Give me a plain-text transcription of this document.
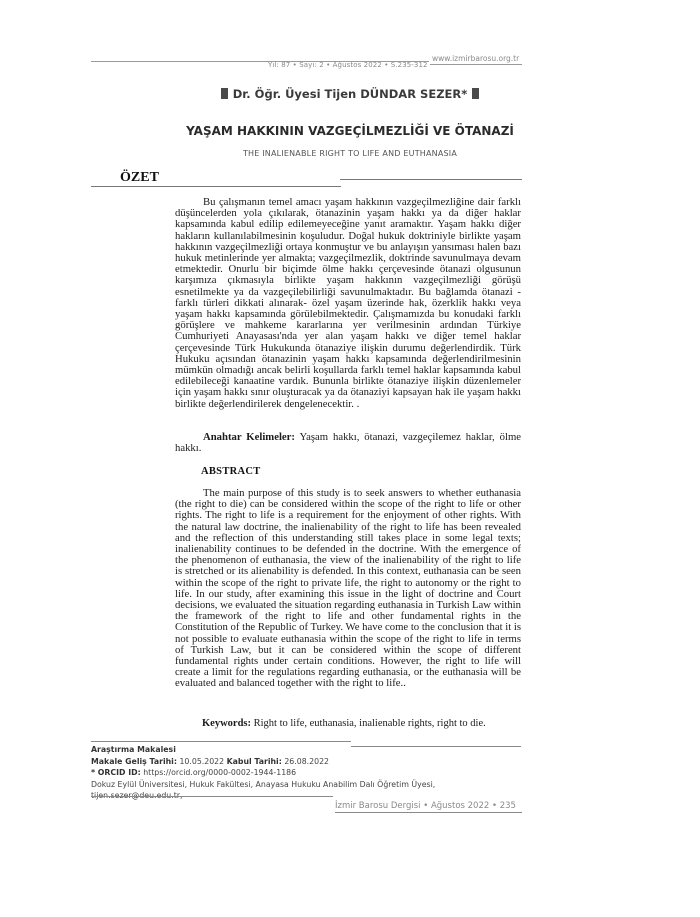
www.izmirbarosu.org.tr
Yıl: 87 • Sayı: 2 • Ağustos 2022 • S.235-312
Dr. Öğr. Üyesi Tijen DÜNDAR SEZER*
YAŞAM HAKKININ VAZGEÇİLMEZLİĞİ VE ÖTANAZİ
THE INALIENABLE RIGHT TO LIFE AND EUTHANASIA
ÖZET

Bu çalışmanın temel amacı yaşam hakkının vazgeçilmezliğine dair farklı düşüncelerden yola çıkılarak, ötanazinin yaşam hakkı ya da diğer haklar kapsamında kabul edilip edilemeyeceğine yanıt aramaktır. Yaşam hakkı diğer hakların kullanılabilmesinin koşuludur. Doğal hukuk doktriniyle birlikte yaşam hakkının vazgeçilmezliği ortaya konmuştur ve bu anlayışın yansıması halen bazı hukuk metinlerinde yer almakta; vazgeçilmezlik, doktrinde savunulmaya devam etmektedir. Onurlu bir biçimde ölme hakkı çerçevesinde ötanazi olgusunun karşımıza çıkmasıyla birlikte yaşam hakkının vazgeçilmezliği görüşü esnetilmekte ya da vazgeçilebilirliği savunulmaktadır. Bu bağlamda ötanazi -farklı türleri dikkati alınarak- özel yaşam üzerinde hak, özerklik hakkı veya yaşam hakkı kapsamında görülebilmektedir. Çalışmamızda bu konudaki farklı görüşlere ve mahkeme kararlarına yer verilmesinin ardından Türkiye Cumhuriyeti Anayasası'nda yer alan yaşam hakkı ve diğer temel haklar çerçevesinde Türk Hukukunda ötanaziye ilişkin durumu değerlendirdik. Türk Hukuku açısından ötanazinin yaşam hakkı kapsamında değerlendirilmesinin mümkün olmadığı ancak belirli koşullarda farklı temel haklar kapsamında kabul edilebileceği kanaatine vardık. Bununla birlikte ötanaziye ilişkin düzenlemeler için yaşam hakkı sınır oluşturacak ya da ötanaziyi kapsayan hak ile yaşam hakkı birlikte değerlendirilerek dengelenecektir. .

Anahtar Kelimeler: Yaşam hakkı, ötanazi, vazgeçilemez haklar, ölme hakkı.

ABSTRACT

The main purpose of this study is to seek answers to whether euthanasia (the right to die) can be considered within the scope of the right to life or other rights. The right to life is a requirement for the enjoyment of other rights. With the natural law doctrine, the inalienability of the right to life has been revealed and the reflection of this understanding still takes place in some legal texts; inalienability continues to be defended in the doctrine. With the emergence of the phenomenon of euthanasia, the view of the inalienability of the right to life is stretched or its alienability is defended. In this context, euthanasia can be seen within the scope of the right to private life, the right to autonomy or the right to life. In our study, after examining this issue in the light of doctrine and Court decisions, we evaluated the situation regarding euthanasia in Turkish Law within the framework of the right to life and other fundamental rights in the Constitution of the Republic of Turkey. We have come to the conclusion that it is not possible to evaluate euthanasia within the scope of the right to life in terms of Turkish Law, but it can be considered within the scope of different fundamental rights under certain conditions. However, the right to life will create a limit for the regulations regarding euthanasia, or the euthanasia will be evaluated and balanced together with the right to life..

Keywords: Right to life, euthanasia, inalienable rights, right to die.
Araştırma Makalesi
Makale Geliş Tarihi: 10.05.2022 Kabul Tarihi: 26.08.2022
* ORCID ID: https://orcid.org/0000-0002-1944-1186
Dokuz Eylül Üniversitesi, Hukuk Fakültesi, Anayasa Hukuku Anabilim Dalı Öğretim Üyesi,
İzmir Barosu Dergisi • Ağustos 2022 • 235
